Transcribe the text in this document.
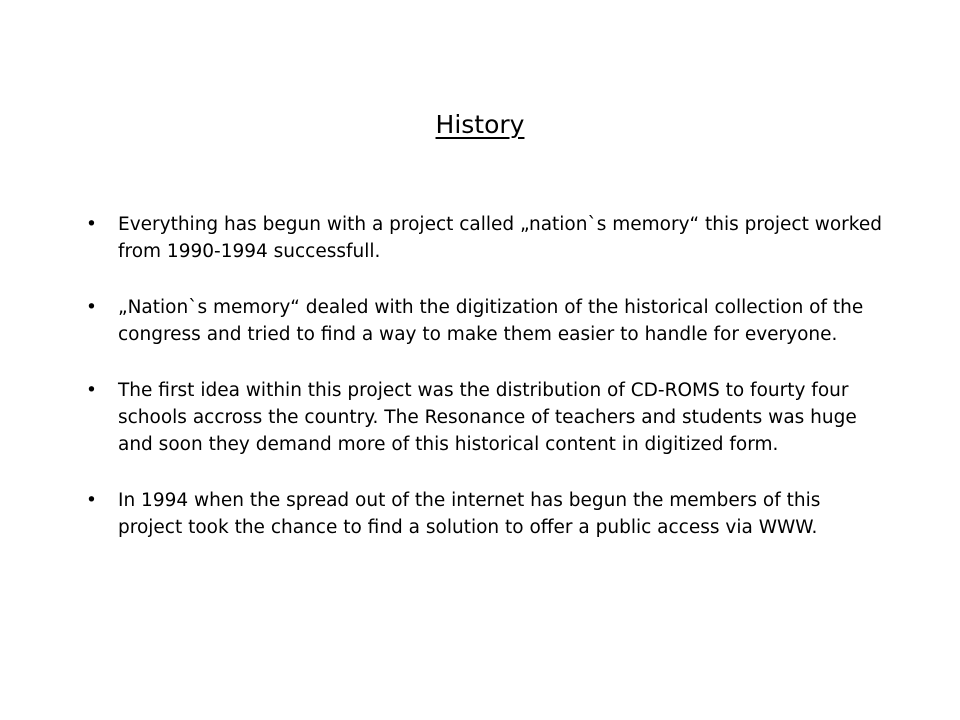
History
• Everything has begun with a project called „nation`s memory“ this project worked from 1990-1994 successfull.
• „Nation`s memory“ dealed with the digitization of the historical collection of the congress and tried to find a way to make them easier to handle for everyone.
• The first idea within this project was the distribution of CD-ROMS to fourty four schools accross the country. The Resonance of teachers and students was huge and soon they demand more of this historical content in digitized form.
• In 1994 when the spread out of the internet has begun the members of this project took the chance to find a solution to offer a public access via WWW.
